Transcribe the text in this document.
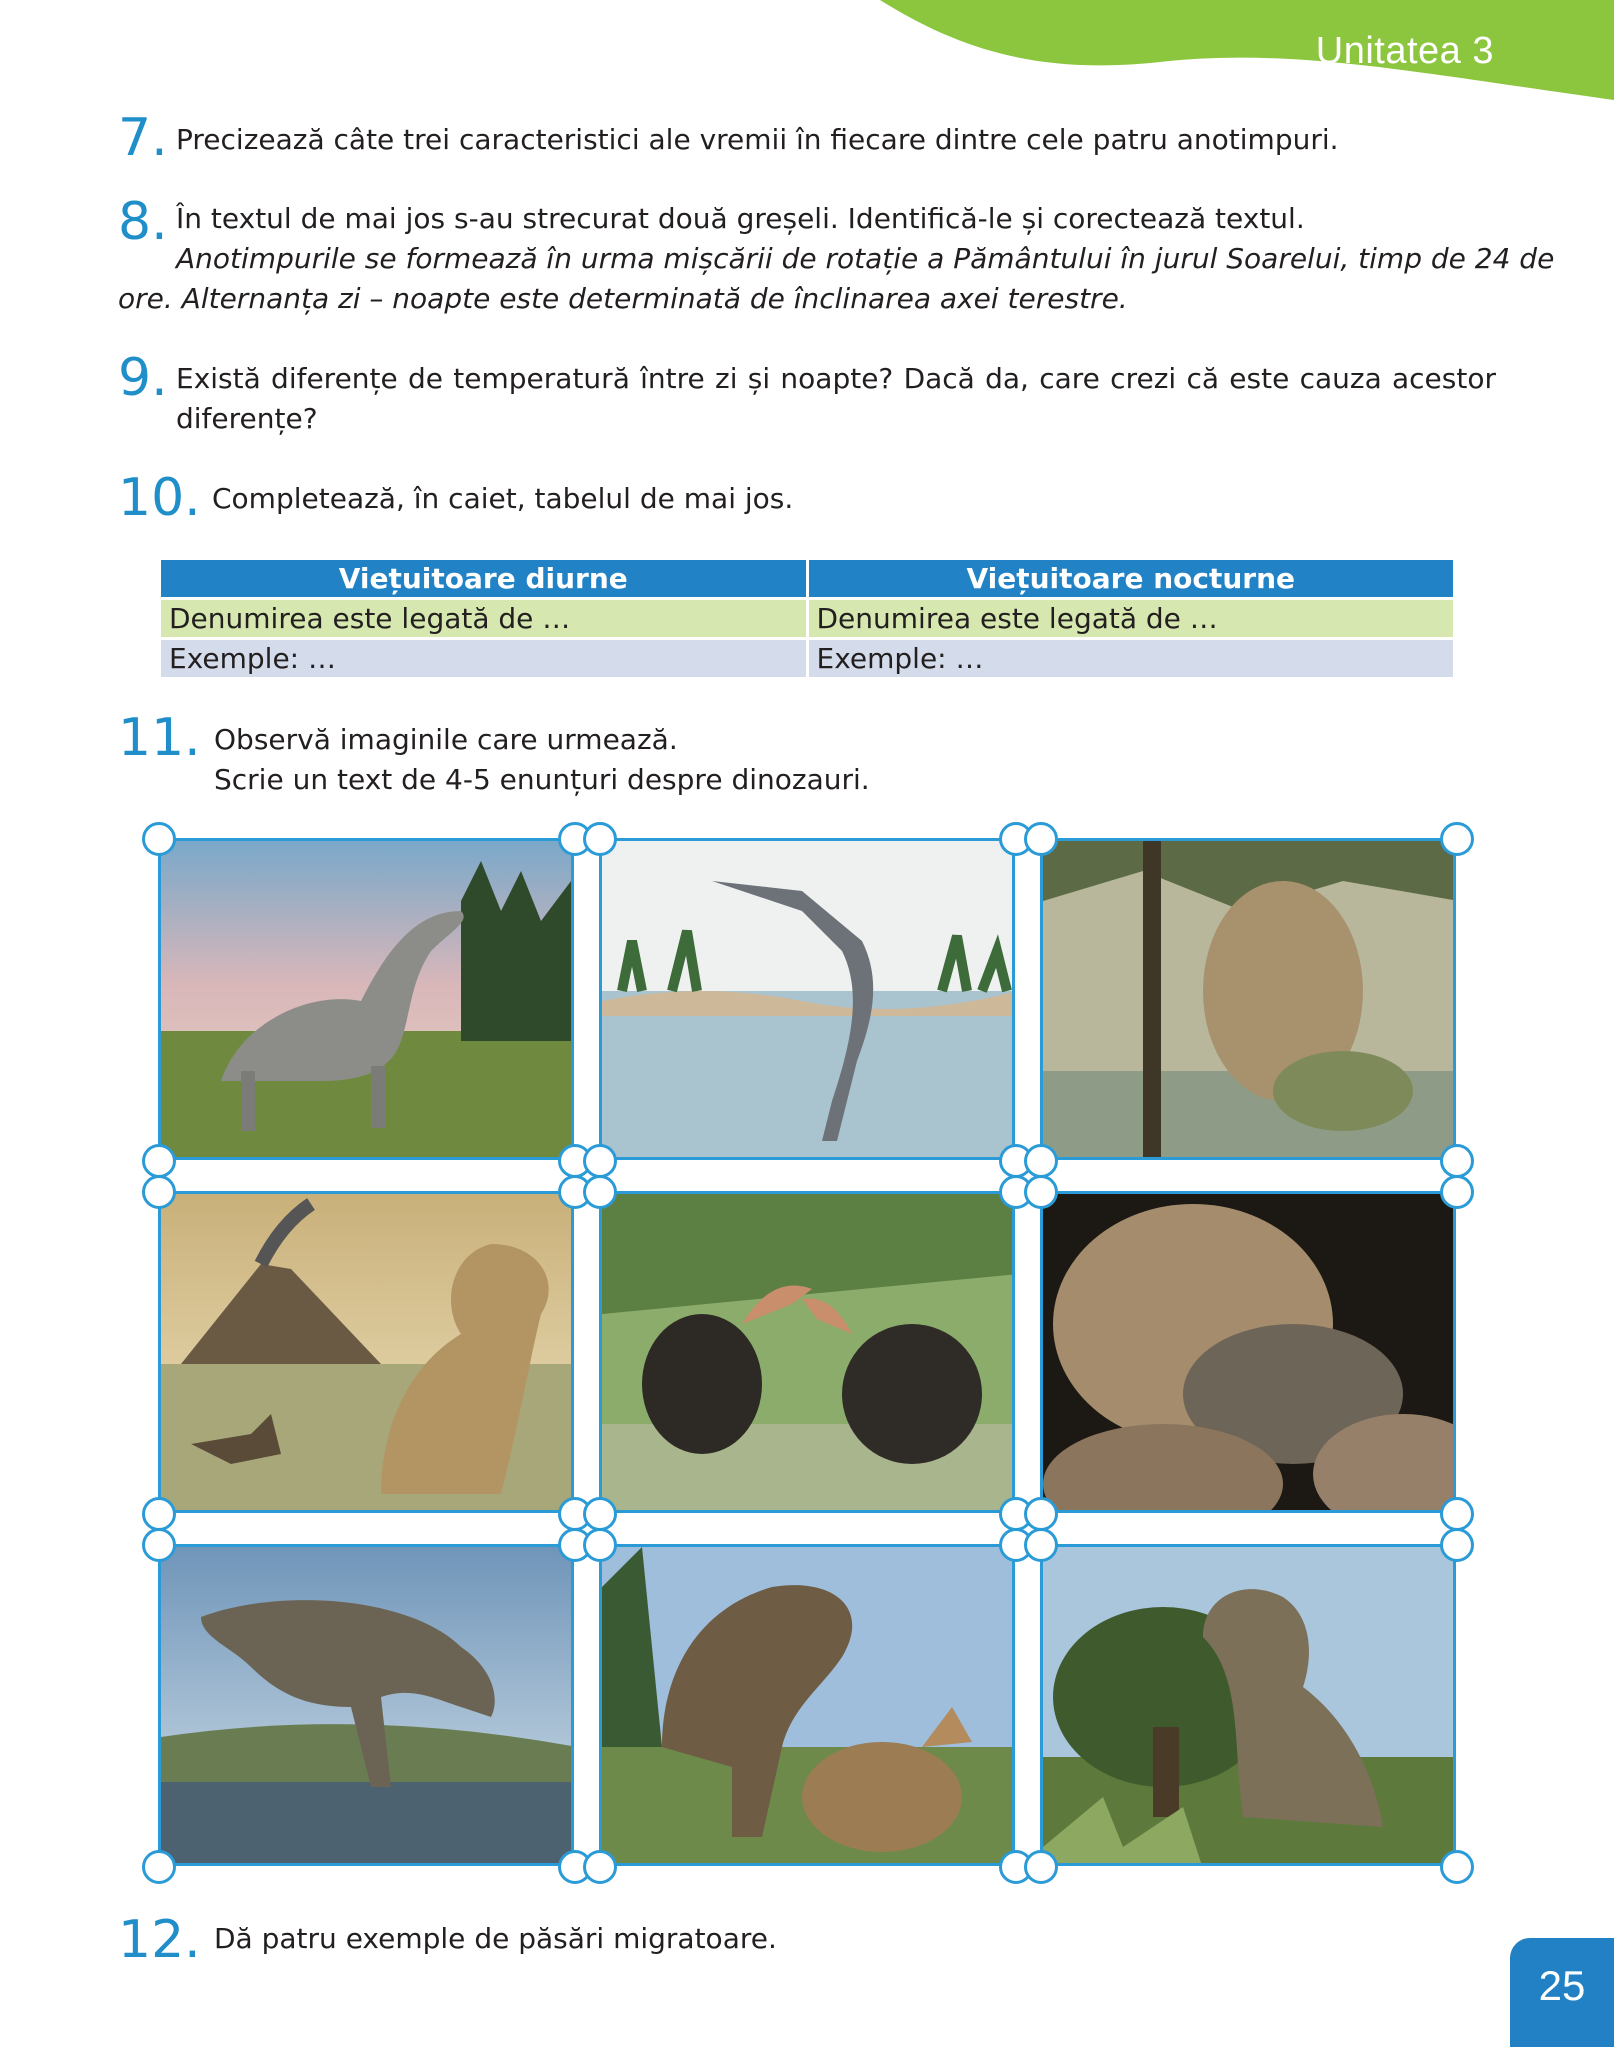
Unitatea 3
7. Precizează câte trei caracteristici ale vremii în fiecare dintre cele patru anotimpuri.
8. În textul de mai jos s-au strecurat două greșeli. Identifică-le și corectează textul.
Anotimpurile se formează în urma mișcării de rotație a Pământului în jurul Soarelui, timp de 24 de
ore. Alternanța zi – noapte este determinată de înclinarea axei terestre.
9. Există diferențe de temperatură între zi și noapte? Dacă da, care crezi că este cauza acestor
diferențe?
10. Completează, în caiet, tabelul de mai jos.
Viețuitoare diurne	Viețuitoare nocturne
Denumirea este legată de …	Denumirea este legată de …
Exemple: …	Exemple: …
11. Observă imaginile care urmează.
Scrie un text de 4-5 enunțuri despre dinozauri.
12. Dă patru exemple de păsări migratoare.
25
